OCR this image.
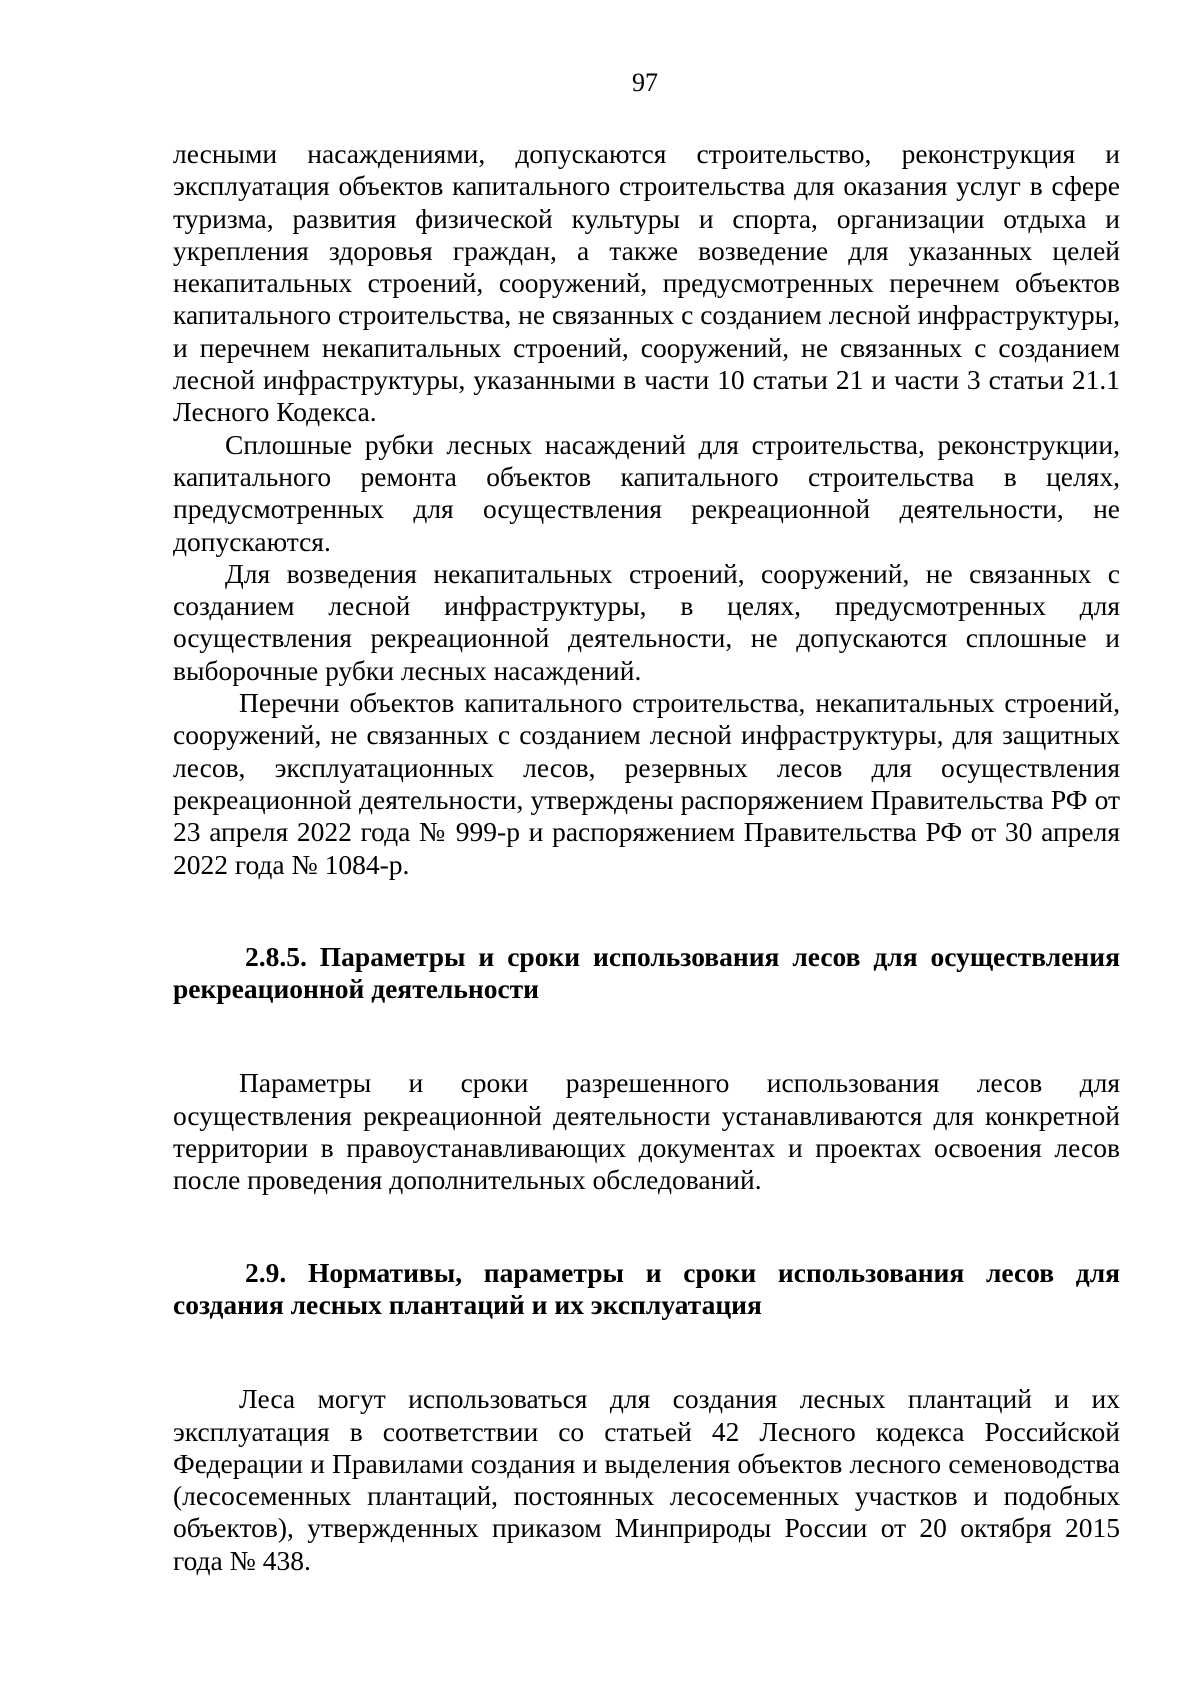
97

лесными насаждениями, допускаются строительство, реконструкция и эксплуатация объектов капитального строительства для оказания услуг в сфере туризма, развития физической культуры и спорта, организации отдыха и укрепления здоровья граждан, а также возведение для указанных целей некапитальных строений, сооружений, предусмотренных перечнем объектов капитального строительства, не связанных с созданием лесной инфраструктуры, и перечнем некапитальных строений, сооружений, не связанных с созданием лесной инфраструктуры, указанными в части 10 статьи 21 и части 3 статьи 21.1 Лесного Кодекса.

Сплошные рубки лесных насаждений для строительства, реконструкции, капитального ремонта объектов капитального строительства в целях, предусмотренных для осуществления рекреационной деятельности, не допускаются.

Для возведения некапитальных строений, сооружений, не связанных с созданием лесной инфраструктуры, в целях, предусмотренных для осуществления рекреационной деятельности, не допускаются сплошные и выборочные рубки лесных насаждений.

Перечни объектов капитального строительства, некапитальных строений, сооружений, не связанных с созданием лесной инфраструктуры, для защитных лесов, эксплуатационных лесов, резервных лесов для осуществления рекреационной деятельности, утверждены распоряжением Правительства РФ от 23 апреля 2022 года № 999-р и распоряжением Правительства РФ от 30 апреля 2022 года № 1084-р.

2.8.5. Параметры и сроки использования лесов для осуществления рекреационной деятельности

Параметры и сроки разрешенного использования лесов для осуществления рекреационной деятельности устанавливаются для конкретной территории в правоустанавливающих документах и проектах освоения лесов после проведения дополнительных обследований.

2.9. Нормативы, параметры и сроки использования лесов для создания лесных плантаций и их эксплуатация

Леса могут использоваться для создания лесных плантаций и их эксплуатация в соответствии со статьей 42 Лесного кодекса Российской Федерации и Правилами создания и выделения объектов лесного семеноводства (лесосеменных плантаций, постоянных лесосеменных участков и подобных объектов), утвержденных приказом Минприроды России от 20 октября 2015 года № 438.
